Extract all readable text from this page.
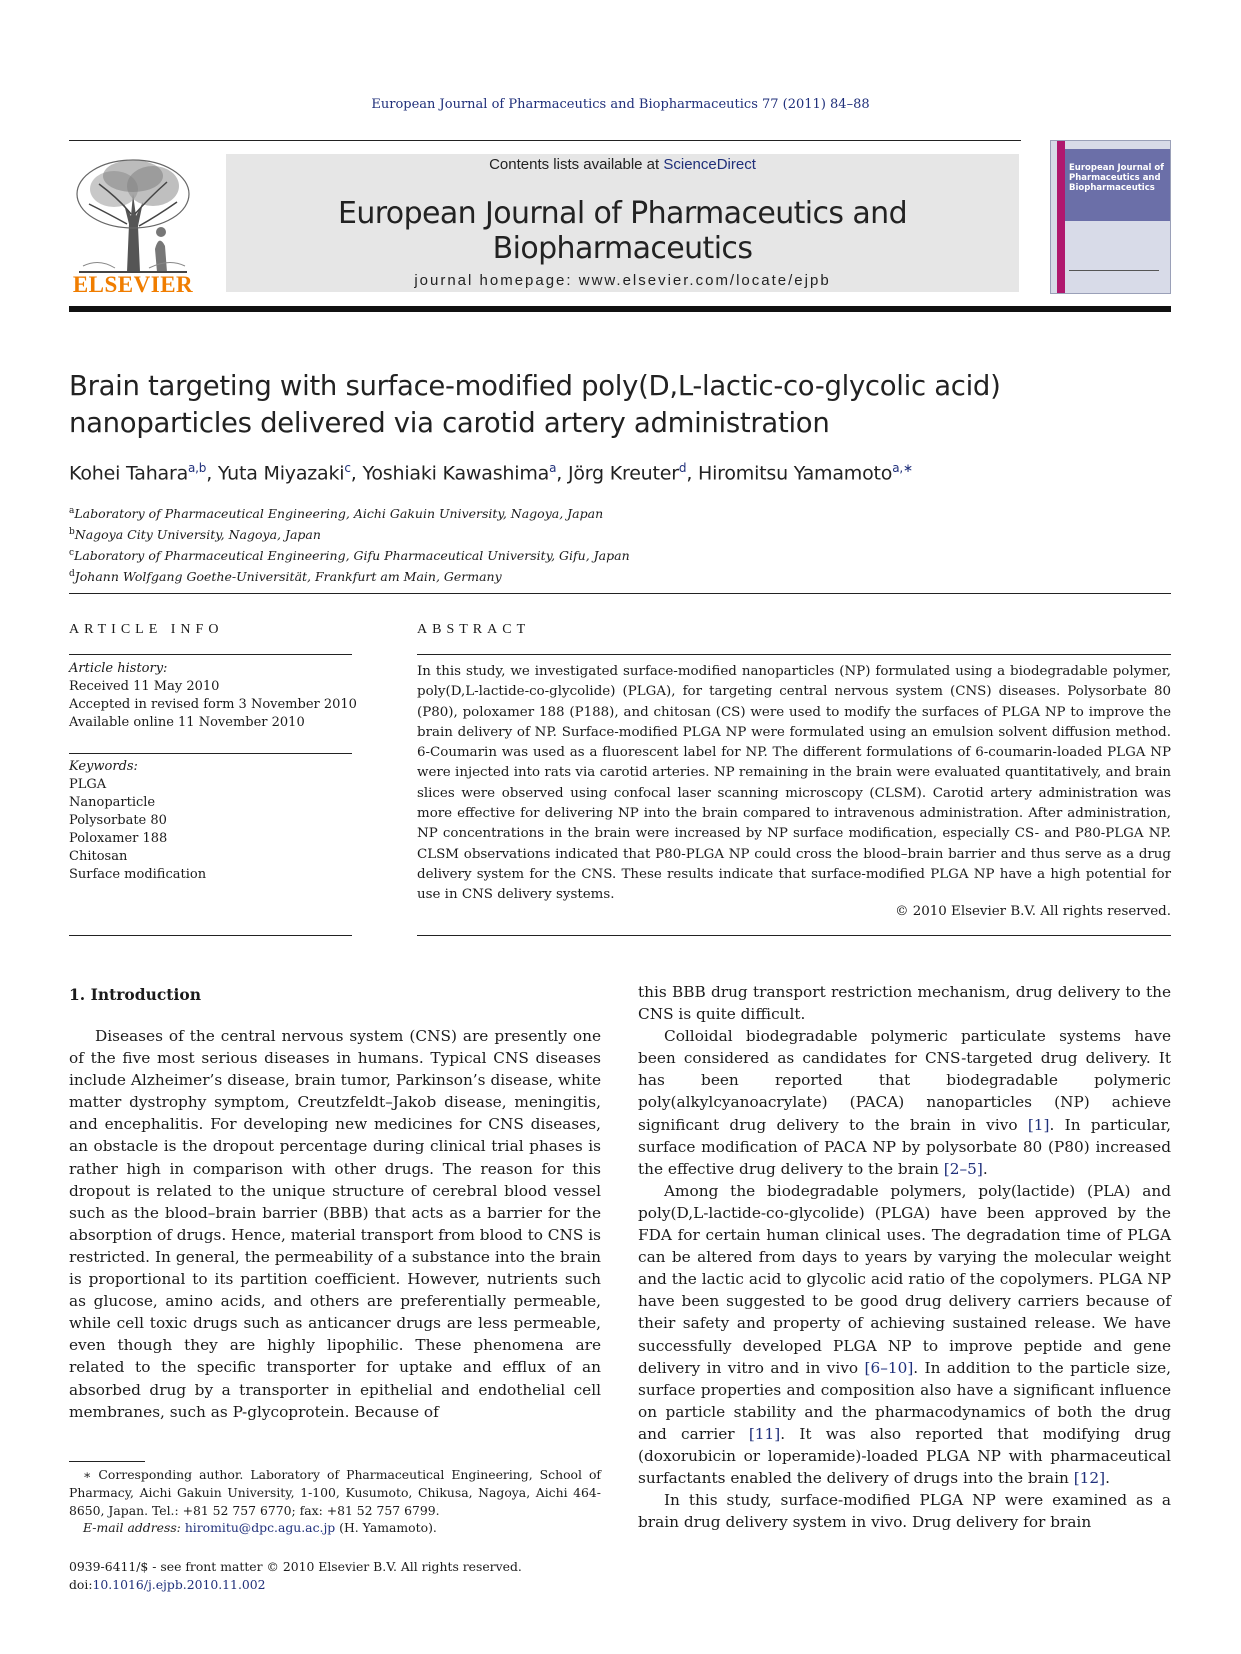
European Journal of Pharmaceutics and Biopharmaceutics 77 (2011) 84–88
ELSEVIER
Contents lists available at ScienceDirect
European Journal of Pharmaceutics and Biopharmaceutics
journal homepage: www.elsevier.com/locate/ejpb
European Journal of Pharmaceutics and Biopharmaceutics
Brain targeting with surface-modified poly(D,L-lactic-co-glycolic acid)
nanoparticles delivered via carotid artery administration
Kohei Tahara$^{a,b}$, Yuta Miyazaki$^c$, Yoshiaki Kawashima$^a$, Jörg Kreuter$^d$, Hiromitsu Yamamoto$^{a,∗}$
$^a$Laboratory of Pharmaceutical Engineering, Aichi Gakuin University, Nagoya, Japan
$^b$Nagoya City University, Nagoya, Japan
$^c$Laboratory of Pharmaceutical Engineering, Gifu Pharmaceutical University, Gifu, Japan
$^d$Johann Wolfgang Goethe-Universität, Frankfurt am Main, Germany
ARTICLE INFO	ABSTRACT
Article history:
Received 11 May 2010
Accepted in revised form 3 November 2010
Available online 11 November 2010
Keywords:
PLGA
Nanoparticle
Polysorbate 80
Poloxamer 188
Chitosan
Surface modification
In this study, we investigated surface-modified nanoparticles (NP) formulated using a biodegradable polymer, poly(D,L-lactide-co-glycolide) (PLGA), for targeting central nervous system (CNS) diseases. Polysorbate 80 (P80), poloxamer 188 (P188), and chitosan (CS) were used to modify the surfaces of PLGA NP to improve the brain delivery of NP. Surface-modified PLGA NP were formulated using an emulsion solvent diffusion method. 6-Coumarin was used as a fluorescent label for NP. The different formulations of 6-coumarin-loaded PLGA NP were injected into rats via carotid arteries. NP remaining in the brain were evaluated quantitatively, and brain slices were observed using confocal laser scanning microscopy (CLSM). Carotid artery administration was more effective for delivering NP into the brain compared to intravenous administration. After administration, NP concentrations in the brain were increased by NP surface modification, especially CS- and P80-PLGA NP. CLSM observations indicated that P80-PLGA NP could cross the blood–brain barrier and thus serve as a drug delivery system for the CNS. These results indicate that surface-modified PLGA NP have a high potential for use in CNS delivery systems.
© 2010 Elsevier B.V. All rights reserved.
1. Introduction

Diseases of the central nervous system (CNS) are presently one of the five most serious diseases in humans. Typical CNS diseases include Alzheimer’s disease, brain tumor, Parkinson’s disease, white matter dystrophy symptom, Creutzfeldt–Jakob disease, meningitis, and encephalitis. For developing new medicines for CNS diseases, an obstacle is the dropout percentage during clinical trial phases is rather high in comparison with other drugs. The reason for this dropout is related to the unique structure of cerebral blood vessel such as the blood–brain barrier (BBB) that acts as a barrier for the absorption of drugs. Hence, material transport from blood to CNS is restricted. In general, the permeability of a substance into the brain is proportional to its partition coefficient. However, nutrients such as glucose, amino acids, and others are preferentially permeable, while cell toxic drugs such as anticancer drugs are less permeable, even though they are highly lipophilic. These phenomena are related to the specific transporter for uptake and efflux of an absorbed drug by a transporter in epithelial and endothelial cell membranes, such as P-glycoprotein. Because of

this BBB drug transport restriction mechanism, drug delivery to the CNS is quite difficult.

Colloidal biodegradable polymeric particulate systems have been considered as candidates for CNS-targeted drug delivery. It has been reported that biodegradable polymeric poly(alkylcyanoacrylate) (PACA) nanoparticles (NP) achieve significant drug delivery to the brain in vivo [1]. In particular, surface modification of PACA NP by polysorbate 80 (P80) increased the effective drug delivery to the brain [2–5].

Among the biodegradable polymers, poly(lactide) (PLA) and poly(D,L-lactide-co-glycolide) (PLGA) have been approved by the FDA for certain human clinical uses. The degradation time of PLGA can be altered from days to years by varying the molecular weight and the lactic acid to glycolic acid ratio of the copolymers. PLGA NP have been suggested to be good drug delivery carriers because of their safety and property of achieving sustained release. We have successfully developed PLGA NP to improve peptide and gene delivery in vitro and in vivo [6–10]. In addition to the particle size, surface properties and composition also have a significant influence on particle stability and the pharmacodynamics of both the drug and carrier [11]. It was also reported that modifying drug (doxorubicin or loperamide)-loaded PLGA NP with pharmaceutical surfactants enabled the delivery of drugs into the brain [12].

In this study, surface-modified PLGA NP were examined as a brain drug delivery system in vivo. Drug delivery for brain

∗ Corresponding author. Laboratory of Pharmaceutical Engineering, School of Pharmacy, Aichi Gakuin University, 1-100, Kusumoto, Chikusa, Nagoya, Aichi 464-8650, Japan. Tel.: +81 52 757 6770; fax: +81 52 757 6799.

E-mail address: hiromitu@dpc.agu.ac.jp (H. Yamamoto).

0939-6411/$ - see front matter © 2010 Elsevier B.V. All rights reserved.
doi:10.1016/j.ejpb.2010.11.002
